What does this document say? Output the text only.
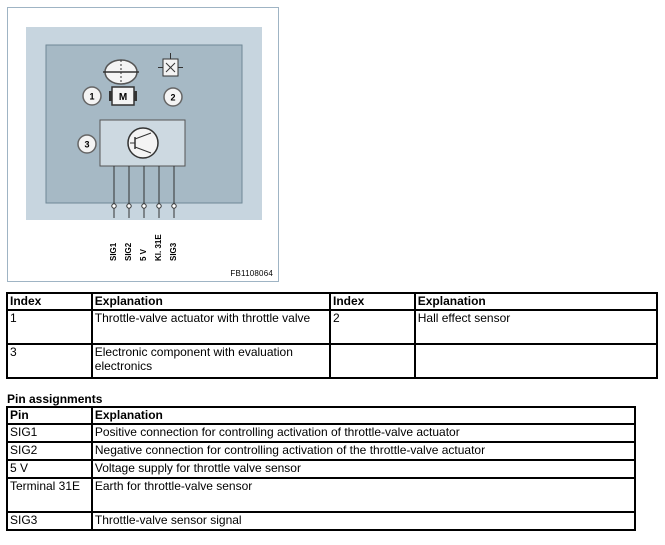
1	2
3
M
SIG1 SIG2 5 V Kl. 31E SIG3
FB1108064
Index	Explanation	Index	Explanation
1	Throttle-valve actuator with throttle valve	2	Hall effect sensor
3	Electronic component with evaluation electronics		
Pin assignments
Pin	Explanation
SIG1	Positive connection for controlling activation of throttle-valve actuator
SIG2	Negative connection for controlling activation of the throttle-valve actuator
5 V	Voltage supply for throttle valve sensor
Terminal 31E	Earth for throttle-valve sensor
SIG3	Throttle-valve sensor signal
